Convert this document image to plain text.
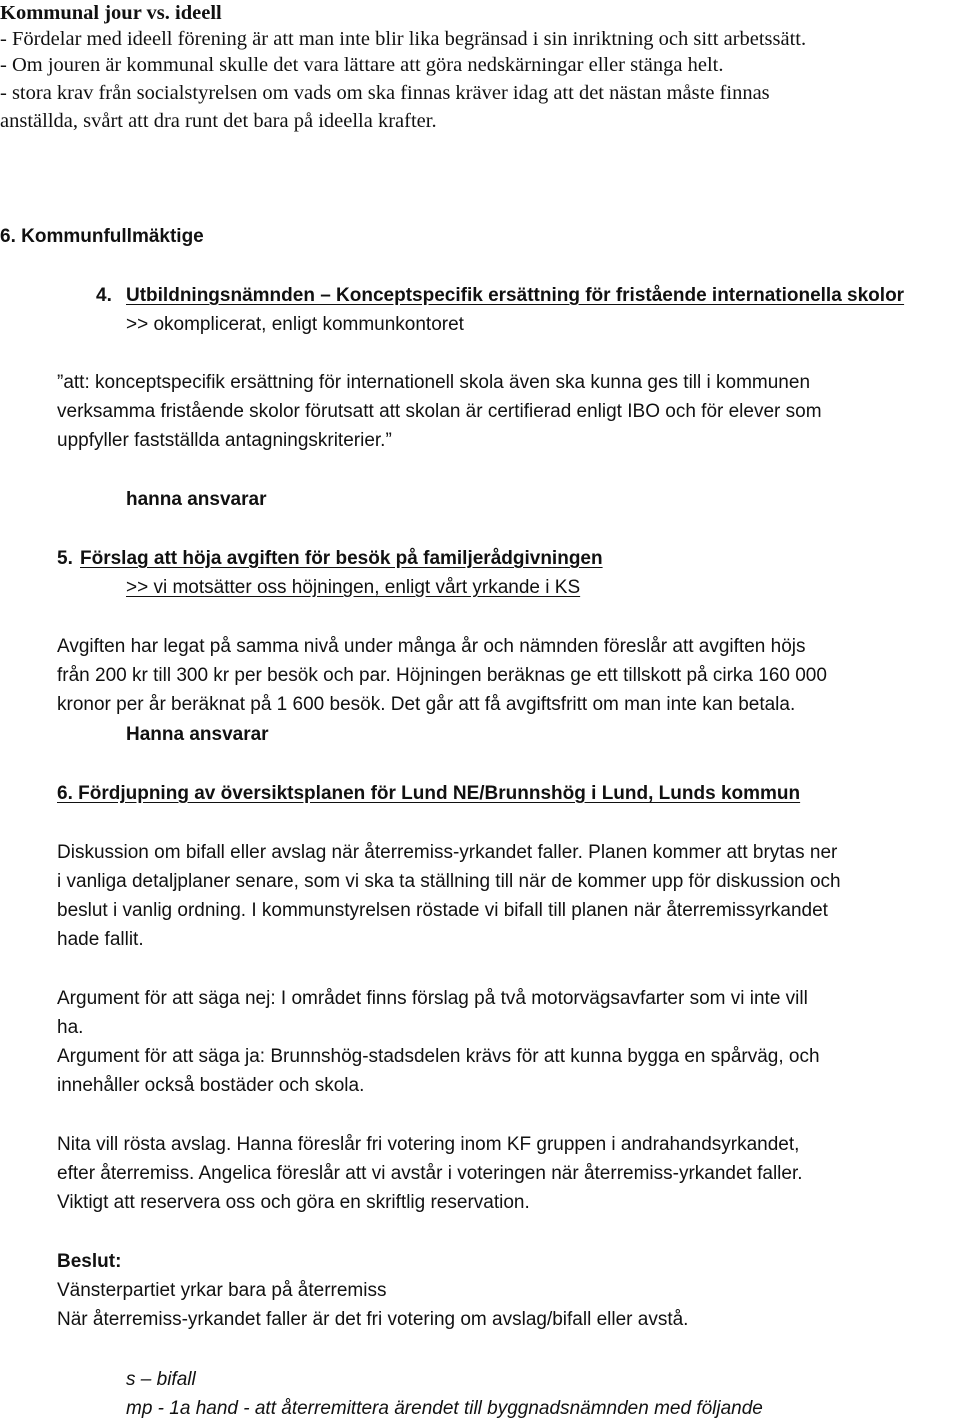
Kommunal jour vs. ideell

- Fördelar med ideell förening är att man inte blir lika begränsad i sin inriktning och sitt arbetssätt.

- Om jouren är kommunal skulle det vara lättare att göra nedskärningar eller stänga helt.

- stora krav från socialstyrelsen om vads om ska finnas kräver idag att det nästan måste finnas

anställda, svårt att dra runt det bara på ideella krafter.

6. Kommunfullmäktige

4. Utbildningsnämnden – Konceptspecifik ersättning för fristående internationella skolor

>> okomplicerat, enligt kommunkontoret

”att: konceptspecifik ersättning för internationell skola även ska kunna ges till i kommunen

verksamma fristående skolor förutsatt att skolan är certifierad enligt IBO och för elever som

uppfyller fastställda antagningskriterier.”

hanna ansvarar

5. Förslag att höja avgiften för besök på familjerådgivningen

>> vi motsätter oss höjningen, enligt vårt yrkande i KS

Avgiften har legat på samma nivå under många år och nämnden föreslår att avgiften höjs

från 200 kr till 300 kr per besök och par. Höjningen beräknas ge ett tillskott på cirka 160 000

kronor per år beräknat på 1 600 besök. Det går att få avgiftsfritt om man inte kan betala.

Hanna ansvarar

6. Fördjupning av översiktsplanen för Lund NE/Brunnshög i Lund, Lunds kommun

Diskussion om bifall eller avslag när återremiss-yrkandet faller. Planen kommer att brytas ner

i vanliga detaljplaner senare, som vi ska ta ställning till när de kommer upp för diskussion och

beslut i vanlig ordning. I kommunstyrelsen röstade vi bifall till planen när återremissyrkandet

hade fallit.

Argument för att säga nej: I området finns förslag på två motorvägsavfarter som vi inte vill

ha.

Argument för att säga ja: Brunnshög-stadsdelen krävs för att kunna bygga en spårväg, och

innehåller också bostäder och skola.

Nita vill rösta avslag. Hanna föreslår fri votering inom KF gruppen i andrahandsyrkandet,

efter återremiss. Angelica föreslår att vi avstår i voteringen när återremiss-yrkandet faller.

Viktigt att reservera oss och göra en skriftlig reservation.

Beslut:

Vänsterpartiet yrkar bara på återremiss

När återremiss-yrkandet faller är det fri votering om avslag/bifall eller avstå.

s – bifall

mp - 1a hand - att återremittera ärendet till byggnadsnämnden med följande
